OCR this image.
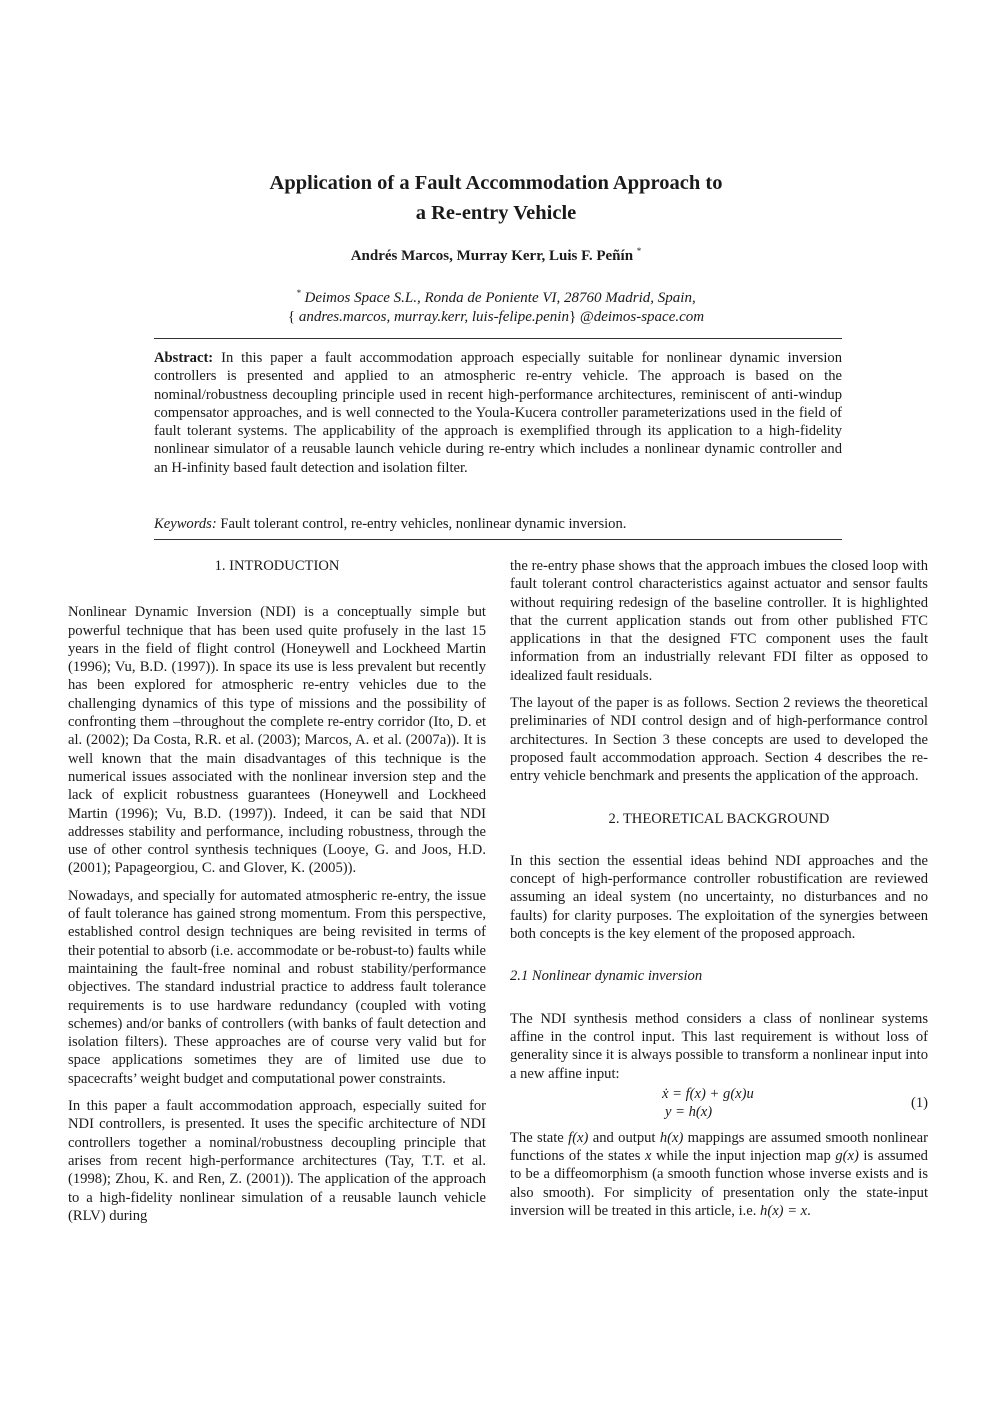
Application of a Fault Accommodation Approach to
a Re-entry Vehicle
Andrés Marcos, Murray Kerr, Luis F. Peñín *
* Deimos Space S.L., Ronda de Poniente VI, 28760 Madrid, Spain,
{ andres.marcos, murray.kerr, luis-felipe.penin} @deimos-space.com
Abstract: In this paper a fault accommodation approach especially suitable for nonlinear dynamic inversion controllers is presented and applied to an atmospheric re-entry vehicle. The approach is based on the nominal/robustness decoupling principle used in recent high-performance architectures, reminiscent of anti-windup compensator approaches, and is well connected to the Youla-Kucera controller parameterizations used in the field of fault tolerant systems. The applicability of the approach is exemplified through its application to a high-fidelity nonlinear simulator of a reusable launch vehicle during re-entry which includes a nonlinear dynamic controller and an H-infinity based fault detection and isolation filter.
Keywords: Fault tolerant control, re-entry vehicles, nonlinear dynamic inversion.
1. INTRODUCTION

Nonlinear Dynamic Inversion (NDI) is a conceptually simple but powerful technique that has been used quite profusely in the last 15 years in the field of flight control (Honeywell and Lockheed Martin (1996); Vu, B.D. (1997)). In space its use is less prevalent but recently has been explored for atmospheric re-entry vehicles due to the challenging dynamics of this type of missions and the possibility of confronting them –throughout the complete re-entry corridor (Ito, D. et al. (2002); Da Costa, R.R. et al. (2003); Marcos, A. et al. (2007a)). It is well known that the main disadvantages of this technique is the numerical issues associated with the nonlinear inversion step and the lack of explicit robustness guarantees (Honeywell and Lockheed Martin (1996); Vu, B.D. (1997)). Indeed, it can be said that NDI addresses stability and performance, including robustness, through the use of other control synthesis techniques (Looye, G. and Joos, H.D. (2001); Papageorgiou, C. and Glover, K. (2005)).

Nowadays, and specially for automated atmospheric re-entry, the issue of fault tolerance has gained strong momentum. From this perspective, established control design techniques are being revisited in terms of their potential to absorb (i.e. accommodate or be-robust-to) faults while maintaining the fault-free nominal and robust stability/performance objectives. The standard industrial practice to address fault tolerance requirements is to use hardware redundancy (coupled with voting schemes) and/or banks of controllers (with banks of fault detection and isolation filters). These approaches are of course very valid but for space applications sometimes they are of limited use due to spacecrafts’ weight budget and computational power constraints.

In this paper a fault accommodation approach, especially suited for NDI controllers, is presented. It uses the specific architecture of NDI controllers together a nominal/robustness decoupling principle that arises from recent high-performance architectures (Tay, T.T. et al. (1998); Zhou, K. and Ren, Z. (2001)). The application of the approach to a high-fidelity nonlinear simulation of a reusable launch vehicle (RLV) during

the re-entry phase shows that the approach imbues the closed loop with fault tolerant control characteristics against actuator and sensor faults without requiring redesign of the baseline controller. It is highlighted that the current application stands out from other published FTC applications in that the designed FTC component uses the fault information from an industrially relevant FDI filter as opposed to idealized fault residuals.

The layout of the paper is as follows. Section 2 reviews the theoretical preliminaries of NDI control design and of high-performance control architectures. In Section 3 these concepts are used to developed the proposed fault accommodation approach. Section 4 describes the re-entry vehicle benchmark and presents the application of the approach.

2. THEORETICAL BACKGROUND

In this section the essential ideas behind NDI approaches and the concept of high-performance controller robustification are reviewed assuming an ideal system (no uncertainty, no disturbances and no faults) for clarity purposes. The exploitation of the synergies between both concepts is the key element of the proposed approach.

2.1 Nonlinear dynamic inversion

The NDI synthesis method considers a class of nonlinear systems affine in the control input. This last requirement is without loss of generality since it is always possible to transform a nonlinear input into a new affine input:

ẋ = f(x) + g(x)u
y = h(x)
(1)

The state f(x) and output h(x) mappings are assumed smooth nonlinear functions of the states x while the input injection map g(x) is assumed to be a diffeomorphism (a smooth function whose inverse exists and is also smooth). For simplicity of presentation only the state-input inversion will be treated in this article, i.e. h(x) = x.
